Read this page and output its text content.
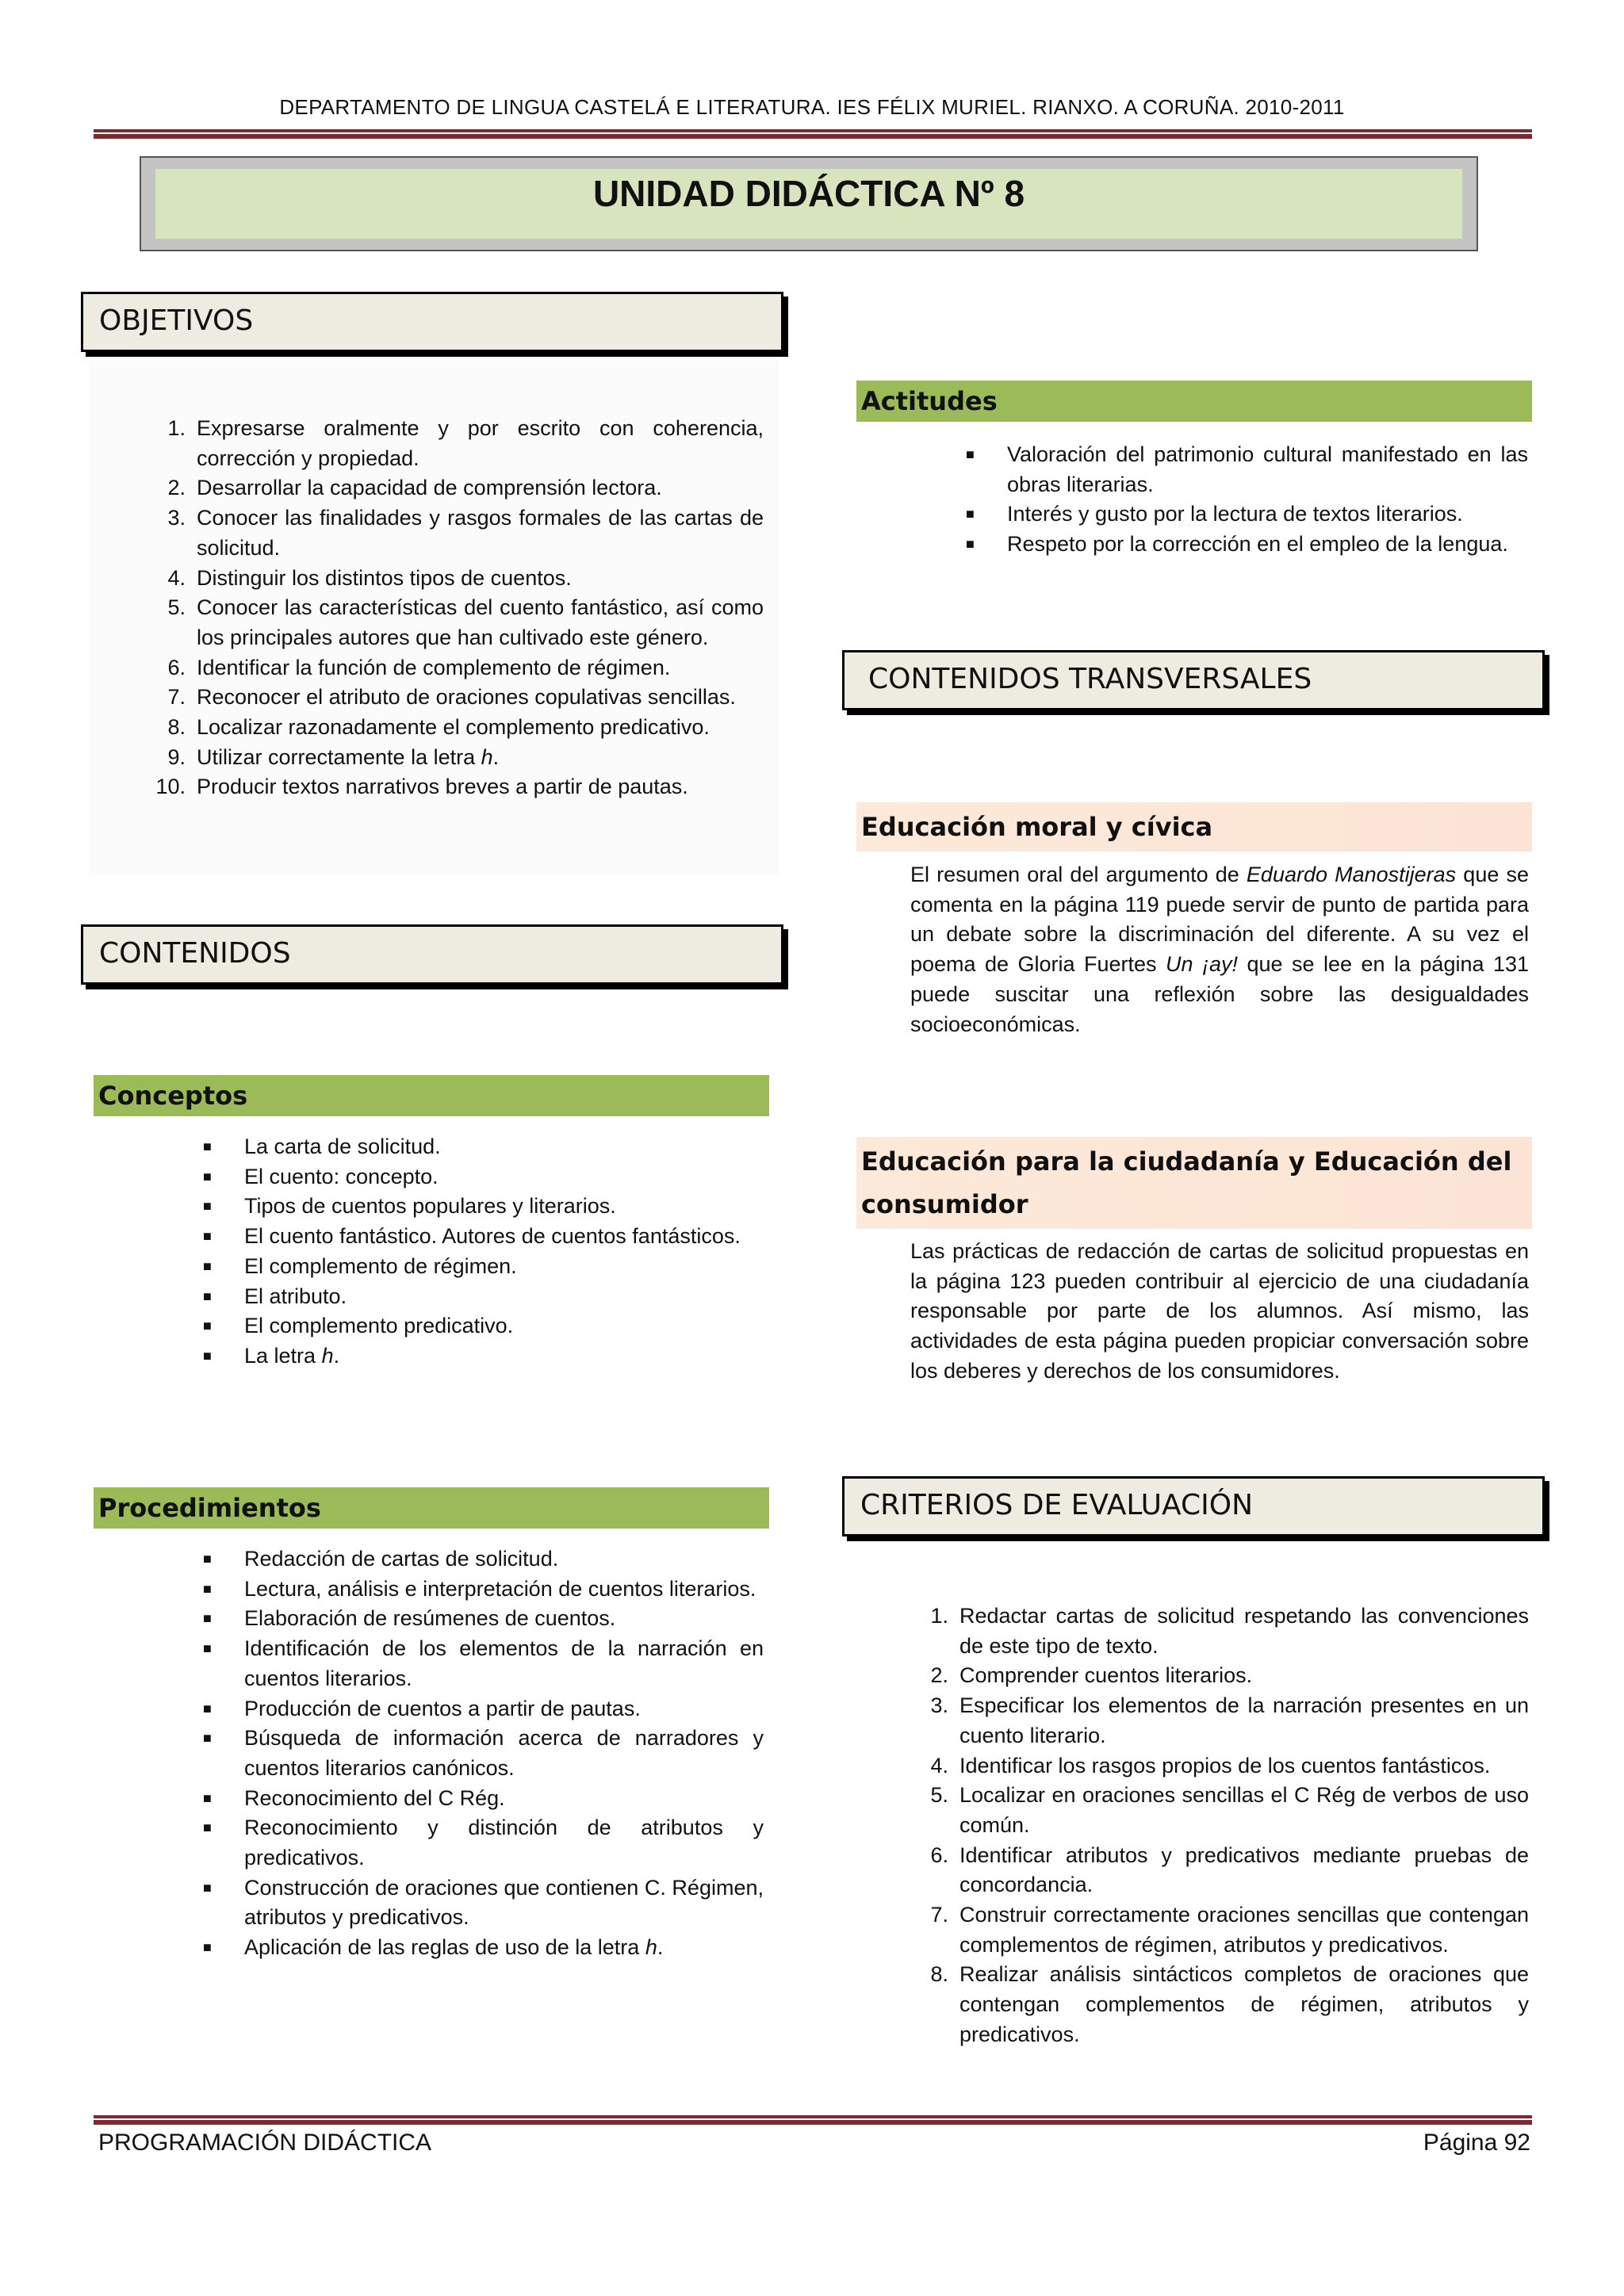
DEPARTAMENTO DE LINGUA CASTELÁ E LITERATURA. IES FÉLIX MURIEL. RIANXO. A CORUÑA. 2010-2011
UNIDAD DIDÁCTICA Nº 8
OBJETIVOS
1. Expresarse oralmente y por escrito con coherencia, corrección y propiedad.
2. Desarrollar la capacidad de comprensión lectora.
3. Conocer las finalidades y rasgos formales de las cartas de solicitud.
4. Distinguir los distintos tipos de cuentos.
5. Conocer las características del cuento fantástico, así como los principales autores que han cultivado este género.
6. Identificar la función de complemento de régimen.
7. Reconocer el atributo de oraciones copulativas sencillas.
8. Localizar razonadamente el complemento predicativo.
9. Utilizar correctamente la letra h.
10. Producir textos narrativos breves a partir de pautas.
CONTENIDOS
Conceptos
■ La carta de solicitud.
■ El cuento: concepto.
■ Tipos de cuentos populares y literarios.
■ El cuento fantástico. Autores de cuentos fantásticos.
■ El complemento de régimen.
■ El atributo.
■ El complemento predicativo.
■ La letra h.
Procedimientos
■ Redacción de cartas de solicitud.
■ Lectura, análisis e interpretación de cuentos literarios.
■ Elaboración de resúmenes de cuentos.
■ Identificación de los elementos de la narración en cuentos literarios.
■ Producción de cuentos a partir de pautas.
■ Búsqueda de información acerca de narradores y cuentos literarios canónicos.
■ Reconocimiento del C Rég.
■ Reconocimiento y distinción de atributos y predicativos.
■ Construcción de oraciones que contienen C. Régimen, atributos y predicativos.
■ Aplicación de las reglas de uso de la letra h.
Actitudes
■ Valoración del patrimonio cultural manifestado en las obras literarias.
■ Interés y gusto por la lectura de textos literarios.
■ Respeto por la corrección en el empleo de la lengua.
CONTENIDOS TRANSVERSALES
Educación moral y cívica
El resumen oral del argumento de Eduardo Manostijeras que se comenta en la página 119 puede servir de punto de partida para un debate sobre la discriminación del diferente. A su vez el poema de Gloria Fuertes Un ¡ay! que se lee en la página 131 puede suscitar una reflexión sobre las desigualdades socioeconómicas.
Educación para la ciudadanía y Educación del consumidor
Las prácticas de redacción de cartas de solicitud propuestas en la página 123 pueden contribuir al ejercicio de una ciudadanía responsable por parte de los alumnos. Así mismo, las actividades de esta página pueden propiciar conversación sobre los deberes y derechos de los consumidores.
CRITERIOS DE EVALUACIÓN
1. Redactar cartas de solicitud respetando las convenciones de este tipo de texto.
2. Comprender cuentos literarios.
3. Especificar los elementos de la narración presentes en un cuento literario.
4. Identificar los rasgos propios de los cuentos fantásticos.
5. Localizar en oraciones sencillas el C Rég de verbos de uso común.
6. Identificar atributos y predicativos mediante pruebas de concordancia.
7. Construir correctamente oraciones sencillas que contengan complementos de régimen, atributos y predicativos.
8. Realizar análisis sintácticos completos de oraciones que contengan complementos de régimen, atributos y predicativos.
PROGRAMACIÓN DIDÁCTICA	Página 92
